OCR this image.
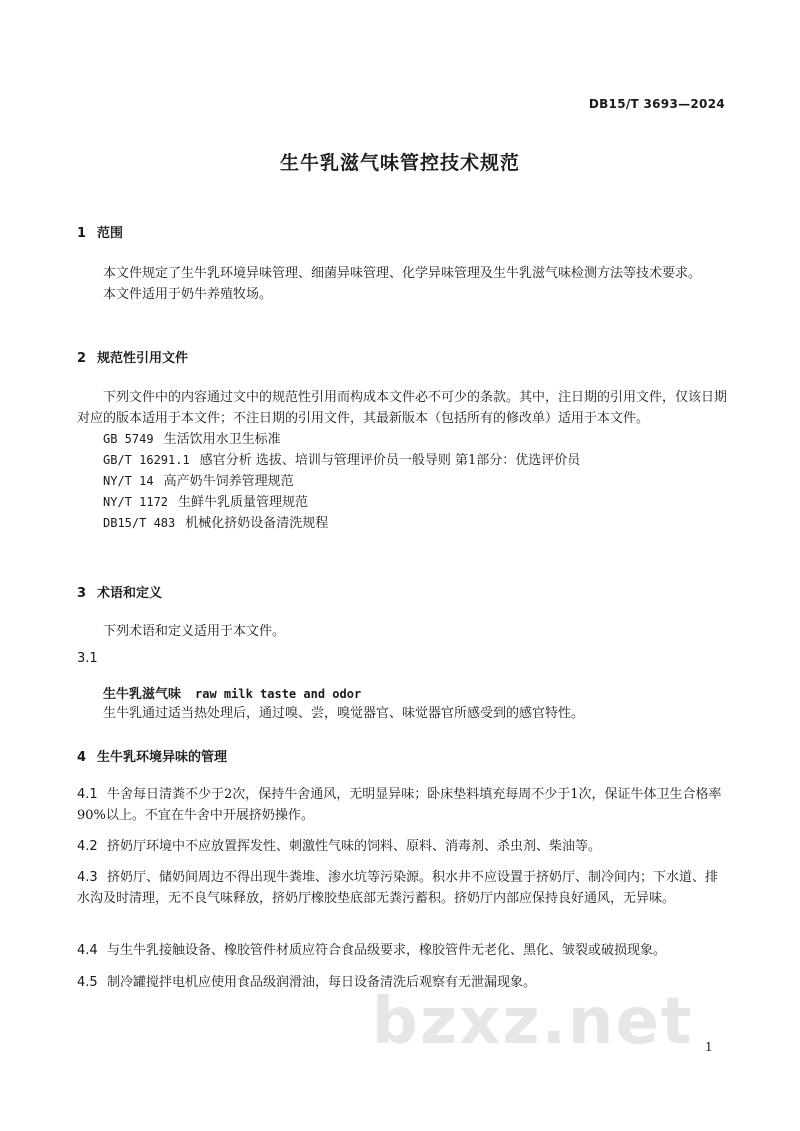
DB15/T 3693—2024
生牛乳滋气味管控技术规范
1 范围

本文件规定了生牛乳环境异味管理、细菌异味管理、化学异味管理及生牛乳滋气味检测方法等技术要求。

本文件适用于奶牛养殖牧场。

2 规范性引用文件

下列文件中的内容通过文中的规范性引用而构成本文件必不可少的条款。其中，注日期的引用文件，仅该日期对应的版本适用于本文件；不注日期的引用文件，其最新版本（包括所有的修改单）适用于本文件。

GB 5749 生活饮用水卫生标准
GB/T 16291.1 感官分析 选拔、培训与管理评价员一般导则 第1部分：优选评价员
NY/T 14 高产奶牛饲养管理规范
NY/T 1172 生鲜牛乳质量管理规范
DB15/T 483 机械化挤奶设备清洗规程
3 术语和定义

下列术语和定义适用于本文件。

3.1
生牛乳滋气味 raw milk taste and odor

生牛乳通过适当热处理后，通过嗅、尝，嗅觉器官、味觉器官所感受到的感官特性。

4 生牛乳环境异味的管理
4.1 牛舍每日清粪不少于2次，保持牛舍通风，无明显异味；卧床垫料填充每周不少于1次，保证牛体卫生合格率90%以上。不宜在牛舍中开展挤奶操作。
4.2 挤奶厅环境中不应放置挥发性、刺激性气味的饲料、原料、消毒剂、杀虫剂、柴油等。
4.3 挤奶厅、储奶间周边不得出现牛粪堆、渗水坑等污染源。积水井不应设置于挤奶厅、制冷间内；下水道、排水沟及时清理，无不良气味释放，挤奶厅橡胶垫底部无粪污蓄积。挤奶厅内部应保持良好通风，无异味。
4.4 与生牛乳接触设备、橡胶管件材质应符合食品级要求，橡胶管件无老化、黑化、皱裂或破损现象。
4.5 制冷罐搅拌电机应使用食品级润滑油，每日设备清洗后观察有无泄漏现象。
bzxz.net 1
